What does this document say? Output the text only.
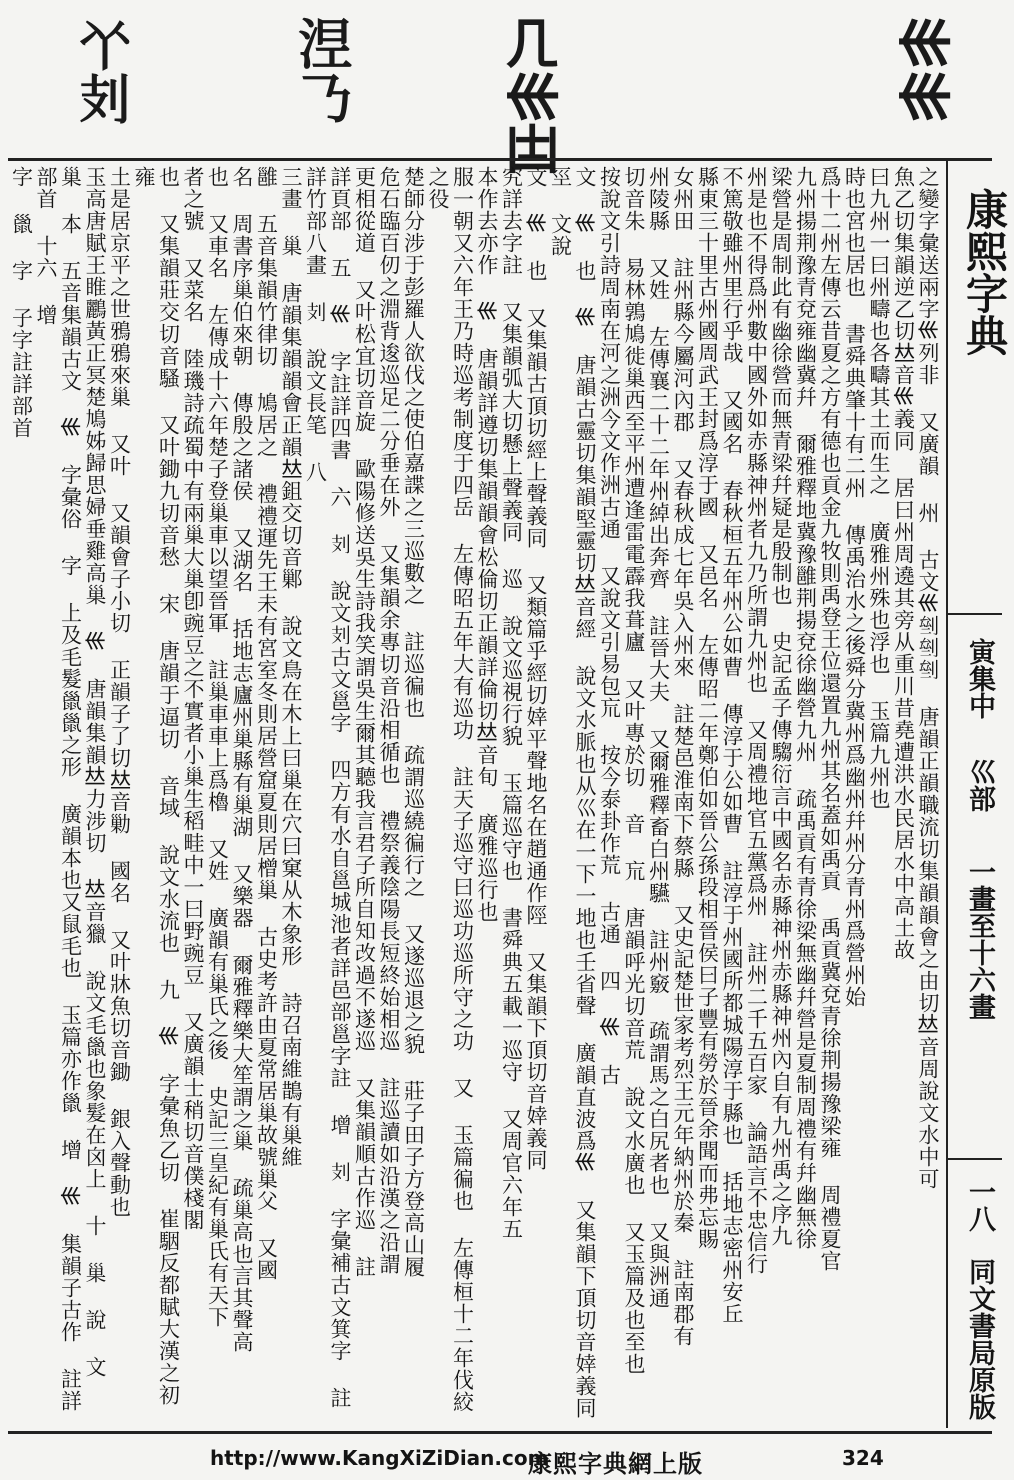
𠁥𠚽	𣵀𠄎	𠘧𡿧𠙽	𡿧𡿧
康熙字典
寅集中
巛部
一畫至十六畫
一八
同文書局原版
之變字彙送兩字𡿧列非 又廣韻 州 古文𡿧𠜸𠜸𠜸 唐韻正韻職流切集韻韻會之由切𠀤音周說文水中可
魚乙切集韻逆乙切𠀤音𡿧義同 居曰州周遶其旁从重川昔堯遭洪水民居水中高土故
曰九州一曰州疇也各疇其土而生之 廣雅州殊也浮也 玉篇九州也
時也宮也居也 書舜典肇十有二州 傳禹治水之後舜分冀州爲幽州幷州分青州爲營州始
爲十二州左傳云昔夏之方有德也貢金九牧則禹登王位還置九州其名蓋如禹貢 禹貢冀兗青徐荆揚豫梁雍 周禮夏官
九州揚荆豫青兗雍幽冀幷 爾雅釋地冀豫雝荆揚兗徐幽營九州 疏禹貢有青徐梁無幽幷營是夏制周禮有幷幽無徐
梁營是周制此有幽徐營而無青梁幷疑是殷制也 史記孟子傳騶衍言中國名赤縣神州赤縣神州內自有九州禹之序九
州是也不得爲州數中國外如赤縣神州者九乃所謂九州也 又周禮地官五黨爲州 註州二千五百家 論語言不忠信行
不篤敬雖州里行乎哉 又國名 春秋桓五年州公如曹 傳淳于公如曹 註淳于州國所都城陽淳于縣也 括地志密州安丘
縣東三十里古州國周武王封爲淳于國 又邑名 左傳昭二年鄭伯如晉公孫段相晉侯曰子豐有勞於晉余聞而弗忘賜
女州田 註州縣今屬河內郡 又春秋成七年吳入州來 註楚邑淮南下蔡縣 又史記楚世家考烈王元年納州於秦 註南郡有
州陵縣 又姓 左傳襄二十二年州綽出奔齊 註晉大夫 又爾雅釋畜白州驠 註州竅 疏謂馬之白尻者也 又與洲通
切音朱 易林鶉鳩徙巢西至平州遭逢雷電霹我葺廬 又叶專於切 音 巟 唐韻呼光切音荒 說文水廣也 又玉篇及也至也
按說文引詩周南在河之洲今文作洲古通 又說文引易包巟 按今泰卦作荒 古通 四 𡿧 古
文 𡿧 也 𡿧 唐韻古靈切集韻堅靈切𠀤音經 說文水脈也从巛在一下一地也壬省聲 廣韻直波爲𡿧 又集韻下頂切音婞義同 巠 文說
文 𡿧 也 又集韻古頂切經上聲義同 又類篇乎經切婞平聲地名在趙通作陘 又集韻下頂切音婞義同
究詳去字註 又集韻弧大切懸上聲義同 巡 說文巡視行貌 玉篇巡守也 書舜典五載一巡守 又周官六年五
本作去亦作 𡿧 唐韻詳遵切集韻韻會松倫切正韻詳倫切𠀤音旬 廣雅巡行也
服一朝又六年王乃時巡考制度于四岳 左傳昭五年大有巡功 註天子巡守曰巡功巡所守之功 又 玉篇徧也 左傳桓十二年伐絞之役
楚師分涉于彭羅人欲伐之使伯嘉諜之三巡數之 註巡徧也 疏謂巡繞徧行之 又遂巡退之貌 莊子田子方登高山履
危石臨百仞之淵背逡巡足二分垂在外 又集韻余專切音沿相循也 禮祭義陰陽長短終始相巡 註巡讀如沿漢之沿謂
更相從道 又叶松宜切音旋 歐陽修送吳生詩我笑謂吳生爾其聽我言君子所自知改過不遂巡 又集韻順古作巡 註
詳頁部 五 𡿧 字註詳四書 六 𠚽 說文𠚽古文邕字 四方有水自邕城池者詳邑部邕字註 增 𠚽 字彙補古文箕字 註詳竹部八畫 𠚽 說文長笔 八
三畫 巢 唐韻集韻韻會正韻𠀤鉏交切音鄛 說文鳥在木上曰巢在穴曰窠从木象形 詩召南維鵲有巢維
雝 五音集韻竹律切 鳩居之 禮禮運先王未有宮室冬則居營窟夏則居橧巢 古史考許由夏常居巢故號巢父 又國
名 周書序巢伯來朝 傳殷之諸侯 又湖名 括地志廬州巢縣有巢湖 又樂器 爾雅釋樂大笙謂之巢 疏巢高也言其聲高
也 又車名 左傳成十六年楚子登巢車以望晉軍 註巢車車上爲櫓 又姓 廣韻有巢氏之後 史記三皇紀有巢氏有天下
者之號 又菜名 陸璣詩疏蜀中有兩巢大巢卽豌豆之不實者小巢生稻畦中一曰野豌豆 又廣韻士稍切音僕棧閣
也 又集韻莊交切音騷 又叶鋤九切音愁 宋 唐韻于逼切 音域 說文水流也 九 𡿧 字彙魚乙切 崔駰反都賦大漢之初雍
土是居京平之世鴉鴉來巢 又叶 又韻會子小切 正韻子了切𠀤音勦 國名 又叶牀魚切音鋤 銀入聲動也
玉高唐賦王睢鸝黃正冥楚鳩姊歸思婦垂雞高巢 𡿧 唐韻集韻𠀤力涉切 𠀤音獵 說文毛巤也象髮在囟上 十 巢 說 文
巢 本 五音集韻古文 𡿧 字彙俗 字 上及毛髮巤巤之形 廣韻本也又鼠毛也 玉篇亦作巤 增 𡿧 集韻子古作 註詳部首 十六 增
字 巤 字 子字註詳部首
http://www.KangXiZiDian.com
康熙字典網上版	324
